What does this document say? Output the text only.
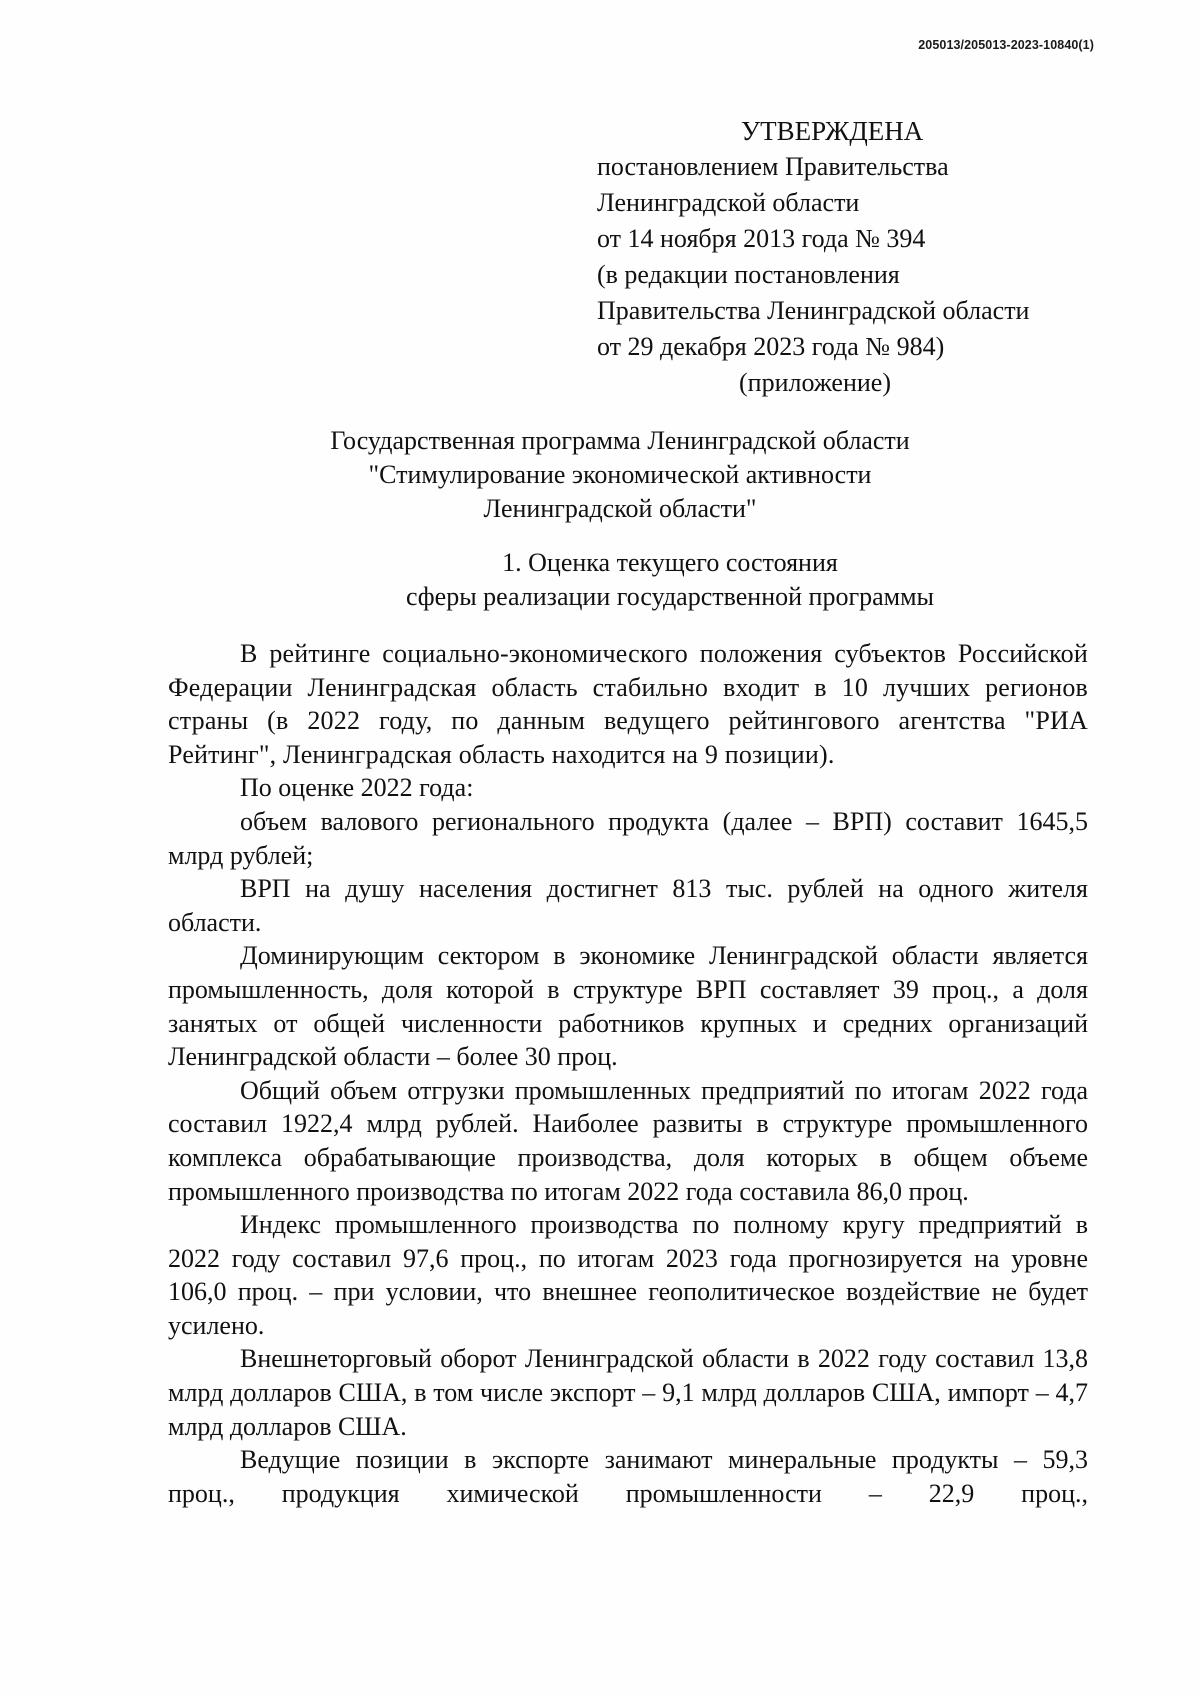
205013/205013-2023-10840(1)
УТВЕРЖДЕНА
постановлением Правительства
Ленинградской области
от 14 ноября 2013 года № 394
(в редакции постановления
Правительства Ленинградской области
от 29 декабря 2023 года № 984)
(приложение)
Государственная программа Ленинградской области
"Стимулирование экономической активности
Ленинградской области"
1. Оценка текущего состояния
сферы реализации государственной программы

В рейтинге социально-экономического положения субъектов Российской Федерации Ленинградская область стабильно входит в 10 лучших регионов страны (в 2022 году, по данным ведущего рейтингового агентства "РИА Рейтинг", Ленинградская область находится на 9 позиции).

По оценке 2022 года:

объем валового регионального продукта (далее – ВРП) составит 1645,5 млрд рублей;

ВРП на душу населения достигнет 813 тыс. рублей на одного жителя области.

Доминирующим сектором в экономике Ленинградской области является промышленность, доля которой в структуре ВРП составляет 39 проц., а доля занятых от общей численности работников крупных и средних организаций Ленинградской области – более 30 проц.

Общий объем отгрузки промышленных предприятий по итогам 2022 года составил 1922,4 млрд рублей. Наиболее развиты в структуре промышленного комплекса обрабатывающие производства, доля которых в общем объеме промышленного производства по итогам 2022 года составила 86,0 проц.

Индекс промышленного производства по полному кругу предприятий в 2022 году составил 97,6 проц., по итогам 2023 года прогнозируется на уровне 106,0 проц. – при условии, что внешнее геополитическое воздействие не будет усилено.

Внешнеторговый оборот Ленинградской области в 2022 году составил 13,8 млрд долларов США, в том числе экспорт – 9,1 млрд долларов США, импорт – 4,7 млрд долларов США.

Ведущие позиции в экспорте занимают минеральные продукты – 59,3 проц., продукция химической промышленности – 22,9 проц.,
